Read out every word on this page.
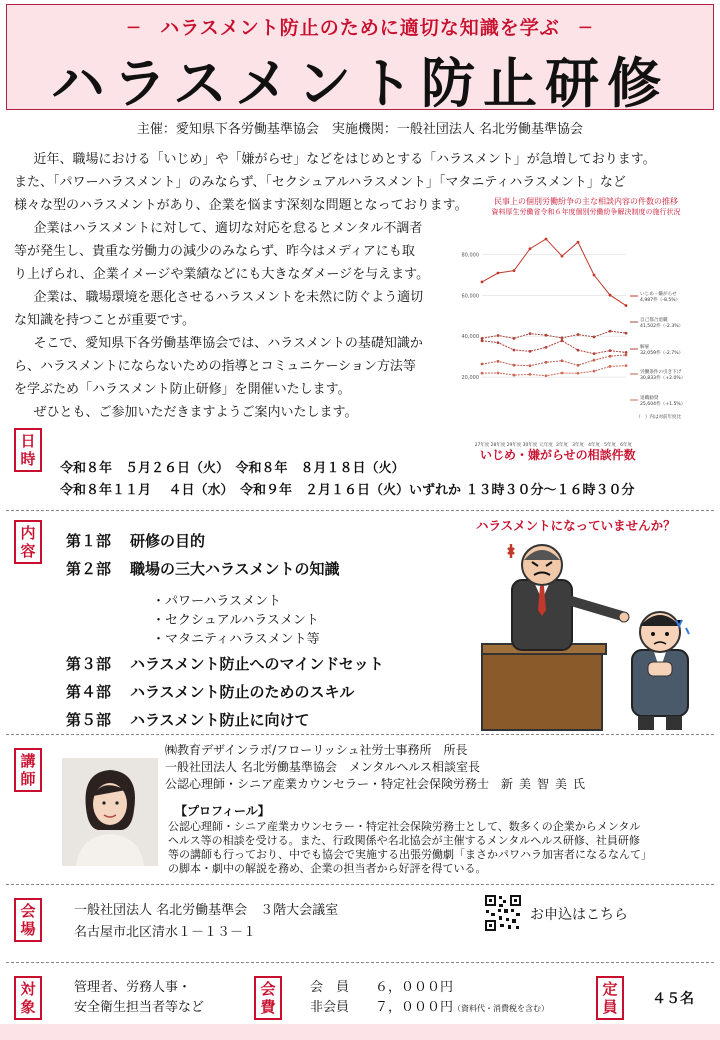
─　ハラスメント防止のために適切な知識を学ぶ　─
ハラスメント防止研修
主催：愛知県下各労働基準協会　実施機関：一般社団法人 名北労働基準協会

近年、職場における「いじめ」や「嫌がらせ」などをはじめとする「ハラスメント」が急増しております。

また、「パワーハラスメント」のみならず、「セクシュアルハラスメント」「マタニティハラスメント」など

様々な型のハラスメントがあり、企業を悩ます深刻な問題となっております。

企業はハラスメントに対して、適切な対応を怠るとメンタル不調者

等が発生し、貴重な労働力の減少のみならず、昨今はメディアにも取

り上げられ、企業イメージや業績などにも大きなダメージを与えます。

企業は、職場環境を悪化させるハラスメントを未然に防ぐよう適切

な知識を持つことが重要です。

そこで、愛知県下各労働基準協会では、ハラスメントの基礎知識か

ら、ハラスメントにならないための指導とコミュニケーション方法等

を学ぶため「ハラスメント防止研修」を開催いたします。

ぜひとも、ご参加いただきますようご案内いたします。

民事上の個別労働紛争の主な相談内容の件数の推移
資料厚生労働省令和６年度個別労働紛争解決制度の施行状況
80,000
60,000
40,000
20,000
27年度 28年度 29年度 30年度 元年度 2年度 3年度 4年度 5年度 6年度
いじめ・嫌がらせ
4,987件（-8.5%）
自己都合退職
41,502件（-2.3%）
解雇
32,059件（-2.7%）
労働条件の引き下げ
30,833件（+2.0%）
退職勧奨
25,604件（+1.5%）
（　）内は対前年度比
いじめ・嫌がらせの相談件数
日
時
令和８年　５月２６日（火）　令和８年　８月１８日（火）
令和８年１１月　 ４日（水）　令和９年　２月１６日（火）いずれか １３時３０分～１６時３０分
内
容
第１部	研修の目的
第２部	職場の三大ハラスメントの知識
・パワーハラスメント
・セクシュアルハラスメント
・マタニティハラスメント等
第３部	ハラスメント防止へのマインドセット
第４部	ハラスメント防止のためのスキル
第５部	ハラスメント防止に向けて
ハラスメントになっていませんか？
講
師
㈱教育デザインラボ/フローリッシュ社労士事務所　所長
一般社団法人 名北労働基準協会　メンタルヘルス相談室長
公認心理師・シニア産業カウンセラー・特定社会保険労務士　 新美智美氏
【プロフィール】
公認心理師・シニア産業カウンセラー・特定社会保険労務士として、数多くの企業からメンタル
ヘルス等の相談を受ける。また、行政関係や名北協会が主催するメンタルヘルス研修、社員研修
等の講師も行っており、中でも協会で実施する出張労働劇「まさかパワハラ加害者になるなんて」
の脚本・劇中の解説を務め、企業の担当者から好評を得ている。
会
場
一般社団法人 名北労働基準会　３階大会議室
名古屋市北区清水１－１３－１
お申込はこちら
対
象
管理者、労務人事・
安全衛生担当者等など
会
費
会　員　　 ６，０００円
非会員　　 ７，０００円（資料代・消費税を含む）
定
員	４５名
